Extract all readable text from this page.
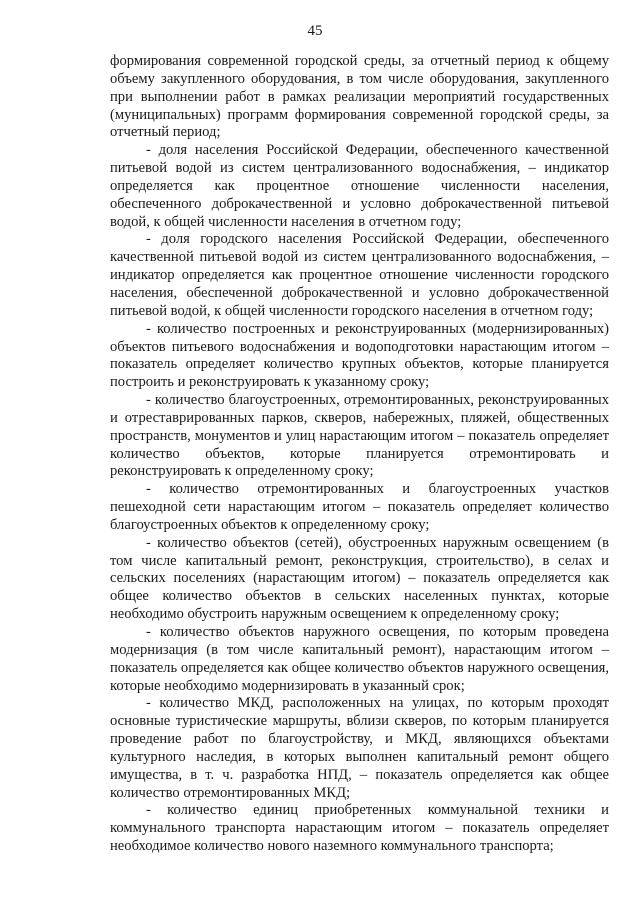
45

формирования современной городской среды, за отчетный период к общему объему закупленного оборудования, в том числе оборудования, закупленного при выполнении работ в рамках реализации мероприятий государственных (муниципальных) программ формирования современной городской среды, за отчетный период;

- доля населения Российской Федерации, обеспеченного качественной питьевой водой из систем централизованного водоснабжения, – индикатор определяется как процентное отношение численности населения, обеспеченного доброкачественной и условно доброкачественной питьевой водой, к общей численности населения в отчетном году;

- доля городского населения Российской Федерации, обеспеченного качественной питьевой водой из систем централизованного водоснабжения, – индикатор определяется как процентное отношение численности городского населения, обеспеченной доброкачественной и условно доброкачественной питьевой водой, к общей численности городского населения в отчетном году;

- количество построенных и реконструированных (модернизированных) объектов питьевого водоснабжения и водоподготовки нарастающим итогом – показатель определяет количество крупных объектов, которые планируется построить и реконструировать к указанному сроку;

- количество благоустроенных, отремонтированных, реконструированных и отреставрированных парков, скверов, набережных, пляжей, общественных пространств, монументов и улиц нарастающим итогом – показатель определяет количество объектов, которые планируется отремонтировать и реконструировать к определенному сроку;

- количество отремонтированных и благоустроенных участков пешеходной сети нарастающим итогом – показатель определяет количество благоустроенных объектов к определенному сроку;

- количество объектов (сетей), обустроенных наружным освещением (в том числе капитальный ремонт, реконструкция, строительство), в селах и сельских поселениях (нарастающим итогом) – показатель определяется как общее количество объектов в сельских населенных пунктах, которые необходимо обустроить наружным освещением к определенному сроку;

- количество объектов наружного освещения, по которым проведена модернизация (в том числе капитальный ремонт), нарастающим итогом – показатель определяется как общее количество объектов наружного освещения, которые необходимо модернизировать в указанный срок;

- количество МКД, расположенных на улицах, по которым проходят основные туристические маршруты, вблизи скверов, по которым планируется проведение работ по благоустройству, и МКД, являющихся объектами культурного наследия, в которых выполнен капитальный ремонт общего имущества, в т. ч. разработка НПД, – показатель определяется как общее количество отремонтированных МКД;

- количество единиц приобретенных коммунальной техники и коммунального транспорта нарастающим итогом – показатель определяет необходимое количество нового наземного коммунального транспорта;
